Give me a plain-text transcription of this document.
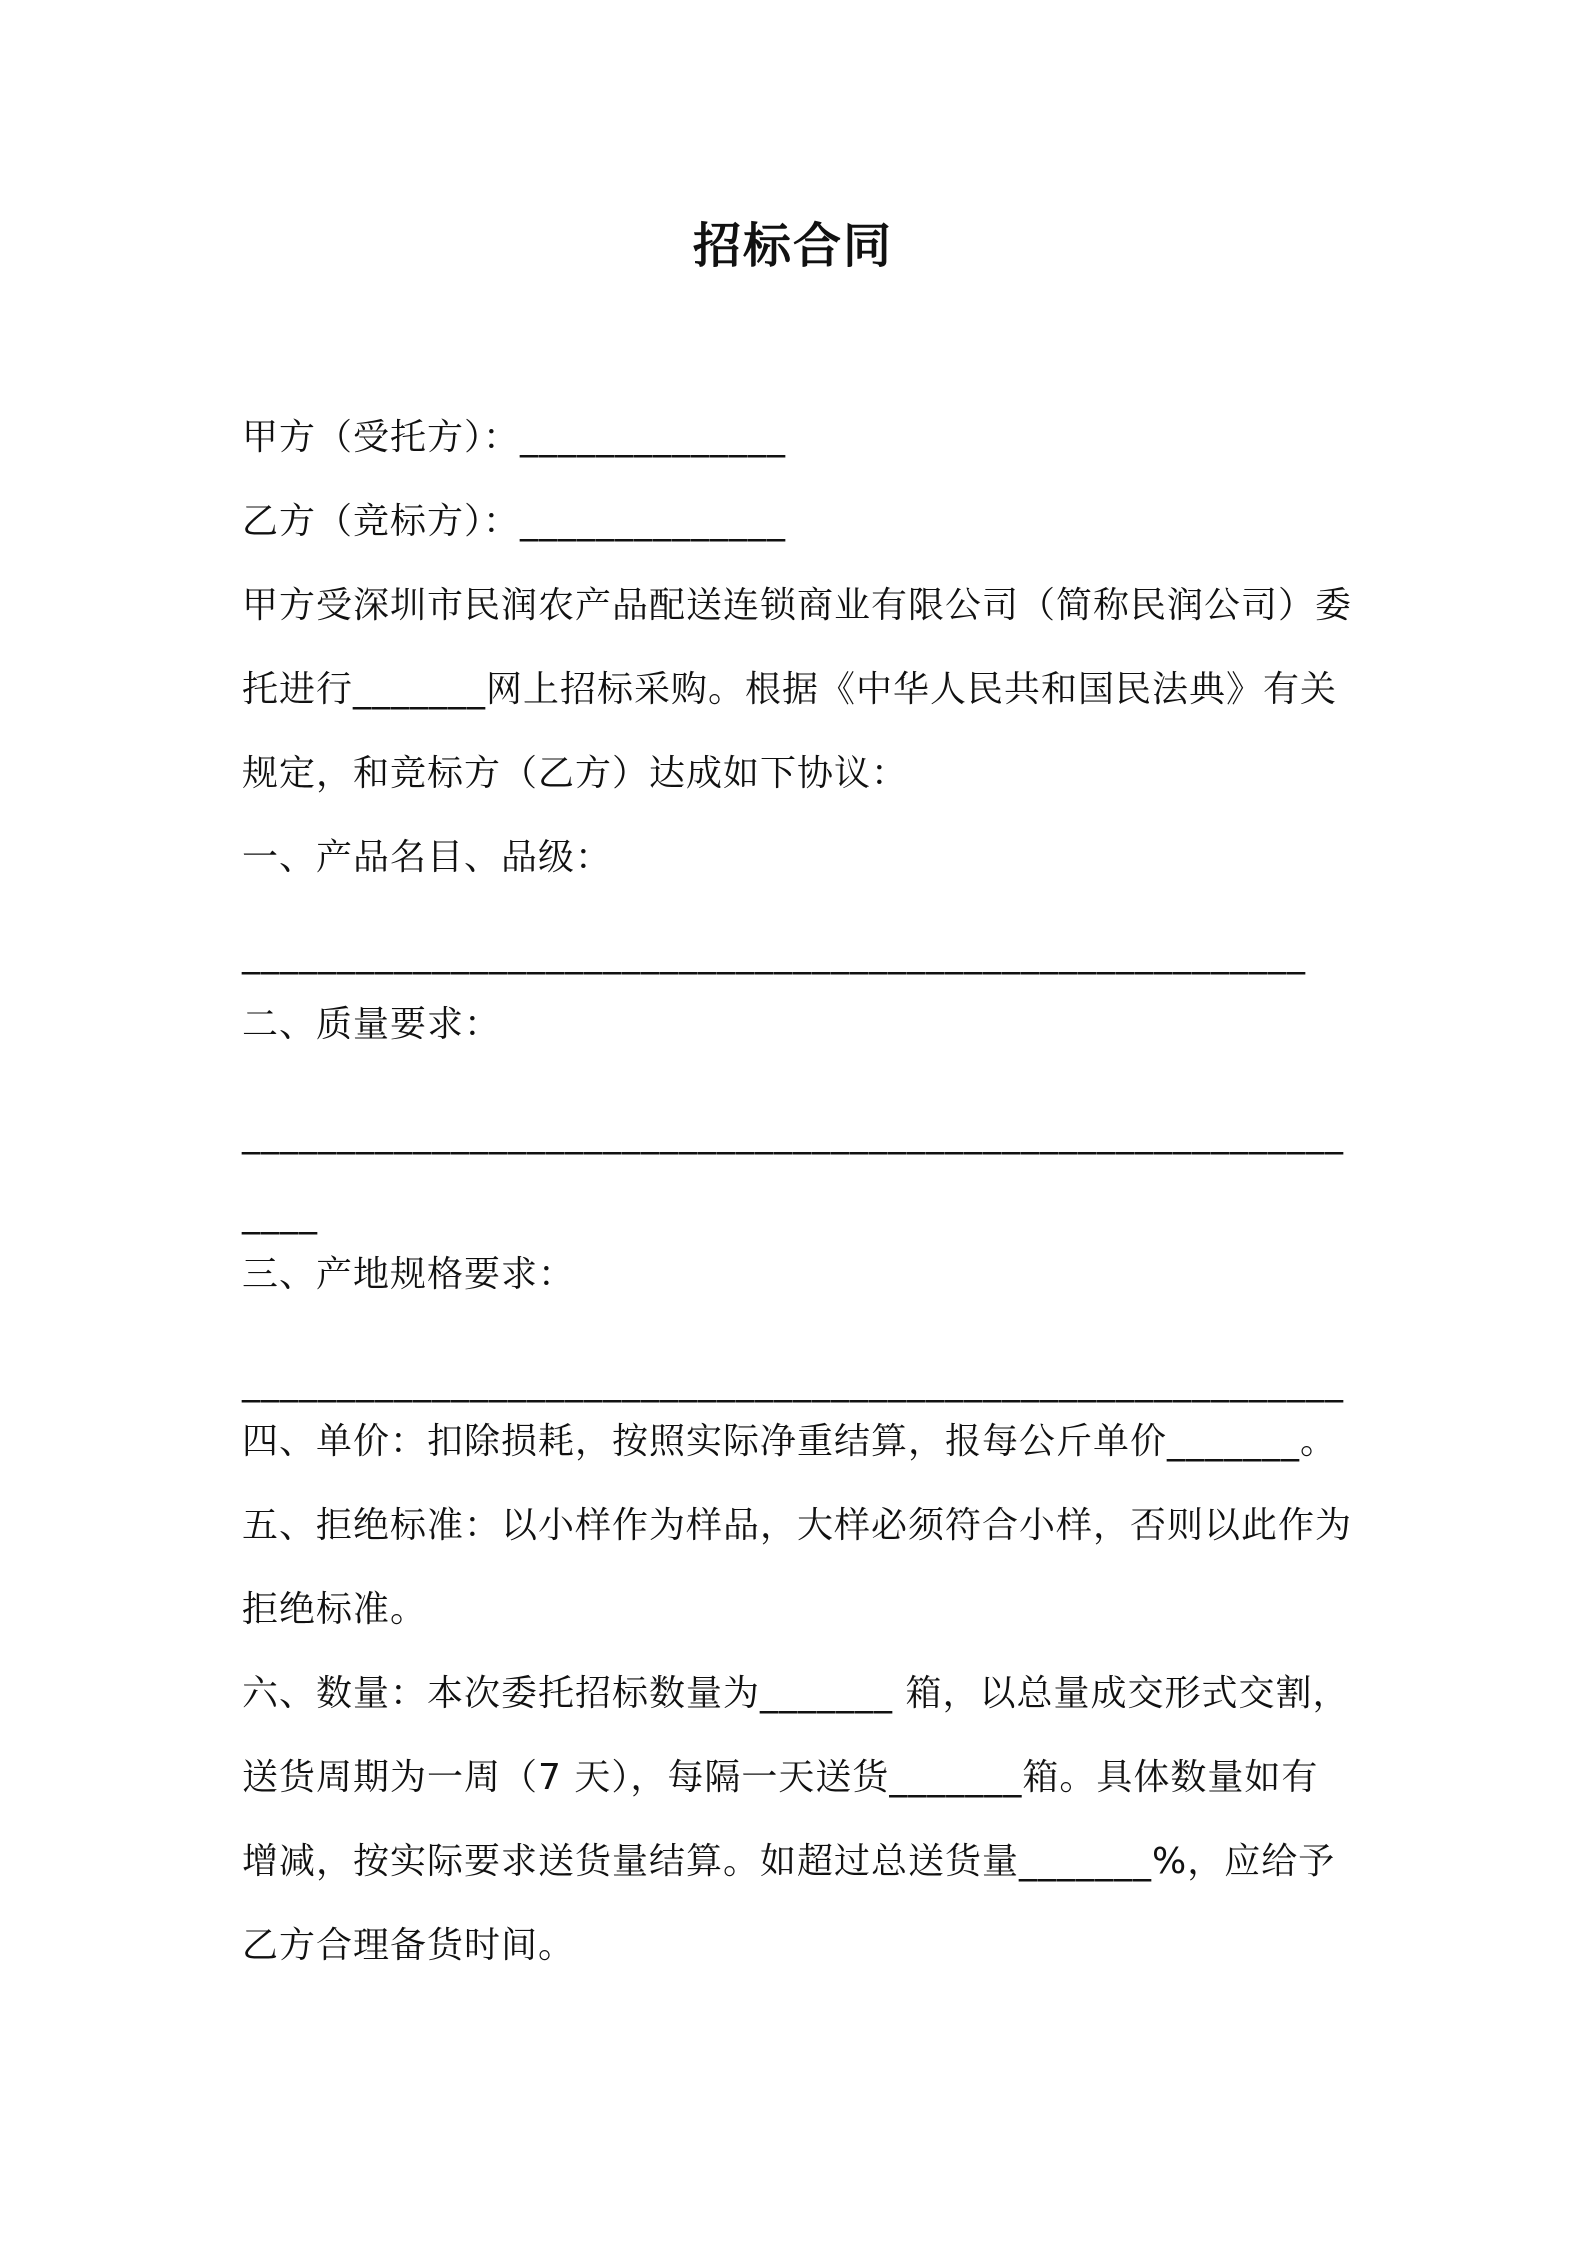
招标合同
甲方（受托方）：______________
乙方（竞标方）：______________
甲方受深圳市民润农产品配送连锁商业有限公司（简称民润公司）委
托进行_______网上招标采购。根据《中华人民共和国民法典》有关
规定，和竞标方（乙方）达成如下协议：
一、产品名目、品级：
________________________________________________________
二、质量要求：
__________________________________________________________
____
三、产地规格要求：
__________________________________________________________
四、单价：扣除损耗，按照实际净重结算，报每公斤单价_______。
五、拒绝标准：以小样作为样品，大样必须符合小样，否则以此作为
拒绝标准。
六、数量：本次委托招标数量为_______ 箱，以总量成交形式交割，
送货周期为一周（7 天），每隔一天送货_______箱。具体数量如有
增减，按实际要求送货量结算。如超过总送货量_______%，应给予
乙方合理备货时间。
